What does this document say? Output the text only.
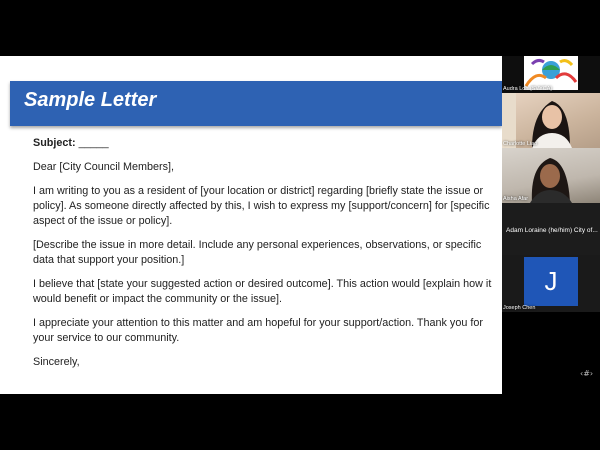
Sample Letter

Subject: _____

Dear [City Council Members],

I am writing to you as a resident of [your location or district] regarding [briefly state the issue or policy]. As someone directly affected by this, I wish to express my [support/concern] for [specific aspect of the issue or policy].

[Describe the issue in more detail. Include any personal experiences, observations, or specific data that support your position.]

I believe that [state your suggested action or desired outcome]. This action would [explain how it would benefit or impact the community or the issue].

I appreciate your attention to this matter and am hopeful for your support/action. Thank you for your service to our community.

Sincerely,

‹#›
Audra Loh (SVYCA)
Charlotte Liao
Aisha Afar
Adam Loraine (he/him) City of...
J
Joseph Chen
